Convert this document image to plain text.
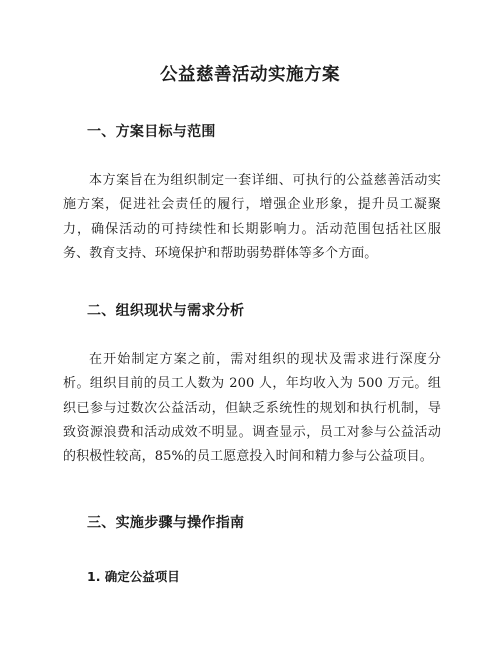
公益慈善活动实施方案
一、方案目标与范围

本方案旨在为组织制定一套详细、可执行的公益慈善活动实施方案，促进社会责任的履行，增强企业形象，提升员工凝聚力，确保活动的可持续性和长期影响力。活动范围包括社区服务、教育支持、环境保护和帮助弱势群体等多个方面。

二、组织现状与需求分析

在开始制定方案之前，需对组织的现状及需求进行深度分析。组织目前的员工人数为 200 人，年均收入为 500 万元。组织已参与过数次公益活动，但缺乏系统性的规划和执行机制，导致资源浪费和活动成效不明显。调查显示，员工对参与公益活动的积极性较高，85%的员工愿意投入时间和精力参与公益项目。

三、实施步骤与操作指南
1. 确定公益项目
